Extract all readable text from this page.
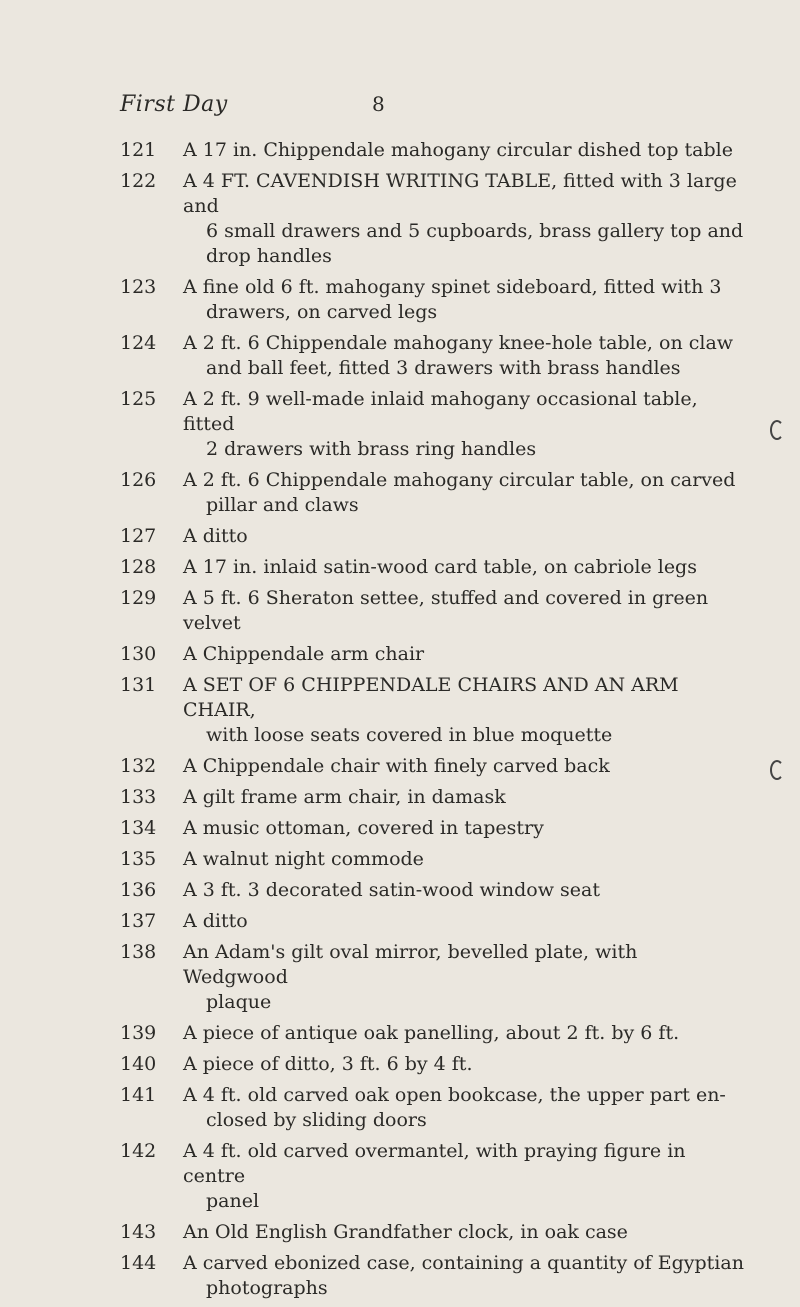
First Day	8
121	A 17 in. Chippendale mahogany circular dished top table
122	A 4 FT. CAVENDISH WRITING TABLE, fitted with 3 large and
6 small drawers and 5 cupboards, brass gallery top and
drop handles
123	A fine old 6 ft. mahogany spinet sideboard, fitted with 3
drawers, on carved legs
124	A 2 ft. 6 Chippendale mahogany knee-hole table, on claw
and ball feet, fitted 3 drawers with brass handles
125	A 2 ft. 9 well-made inlaid mahogany occasional table, fitted
2 drawers with brass ring handles
126	A 2 ft. 6 Chippendale mahogany circular table, on carved
pillar and claws
127	A ditto
128	A 17 in. inlaid satin-wood card table, on cabriole legs
129	A 5 ft. 6 Sheraton settee, stuffed and covered in green velvet
130	A Chippendale arm chair
131	A SET OF 6 CHIPPENDALE CHAIRS AND AN ARM CHAIR,
with loose seats covered in blue moquette
132	A Chippendale chair with finely carved back
133	A gilt frame arm chair, in damask
134	A music ottoman, covered in tapestry
135	A walnut night commode
136	A 3 ft. 3 decorated satin-wood window seat
137	A ditto
138	An Adam's gilt oval mirror, bevelled plate, with Wedgwood
plaque
139	A piece of antique oak panelling, about 2 ft. by 6 ft.
140	A piece of ditto, 3 ft. 6 by 4 ft.
141	A 4 ft. old carved oak open bookcase, the upper part en-
closed by sliding doors
142	A 4 ft. old carved overmantel, with praying figure in centre
panel
143	An Old English Grandfather clock, in oak case
144	A carved ebonized case, containing a quantity of Egyptian
photographs
